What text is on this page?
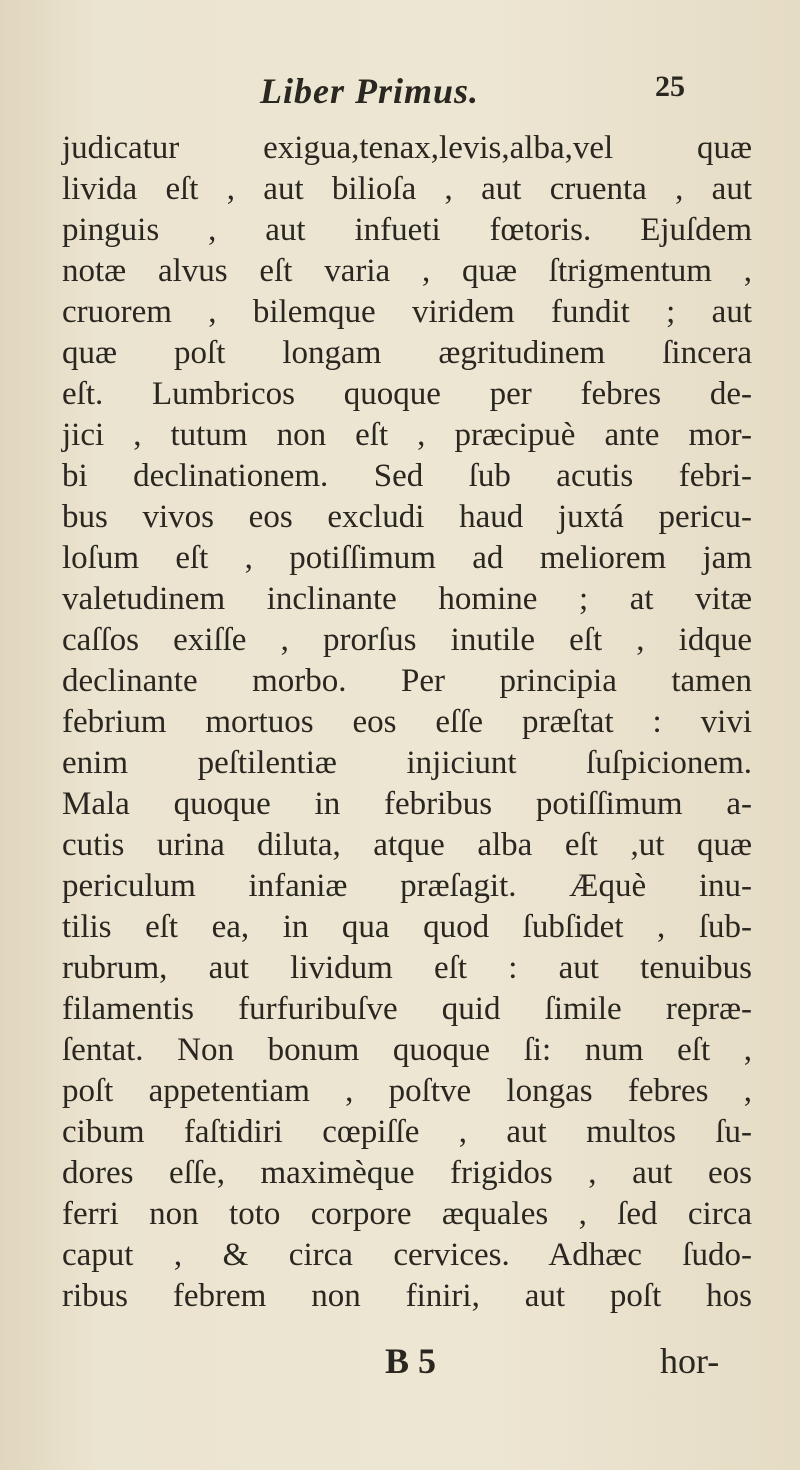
Liber Primus.	25
judicatur exigua,tenax,levis,alba,vel quæ
livida eſt , aut bilioſa , aut cruenta , aut
pinguis , aut infueti fœtoris. Ejuſdem
notæ alvus eſt varia , quæ ſtrigmentum ,
cruorem , bilemque viridem fundit ; aut
quæ poſt longam ægritudinem ſincera
eſt. Lumbricos quoque per febres de-
jici , tutum non eſt , præcipuè ante mor-
bi declinationem. Sed ſub acutis febri-
bus vivos eos excludi haud juxtá pericu-
loſum eſt , potiſſimum ad meliorem jam
valetudinem inclinante homine ; at vitæ
caſſos exiſſe , prorſus inutile eſt , idque
declinante morbo. Per principia tamen
febrium mortuos eos eſſe præſtat : vivi
enim peſtilentiæ injiciunt ſuſpicionem.
Mala quoque in febribus potiſſimum a-
cutis urina diluta, atque alba eſt ,ut quæ
periculum infaniæ præſagit. Æquè inu-
tilis eſt ea, in qua quod ſubſidet , ſub-
rubrum, aut lividum eſt : aut tenuibus
filamentis furfuribuſve quid ſimile repræ-
ſentat. Non bonum quoque ſi: num eſt ,
poſt appetentiam , poſtve longas febres ,
cibum faſtidiri cœpiſſe , aut multos ſu-
dores eſſe, maximèque frigidos , aut eos
ferri non toto corpore æquales , ſed circa
caput , & circa cervices. Adhæc ſudo-
ribus febrem non finiri, aut poſt hos
B 5	hor-
